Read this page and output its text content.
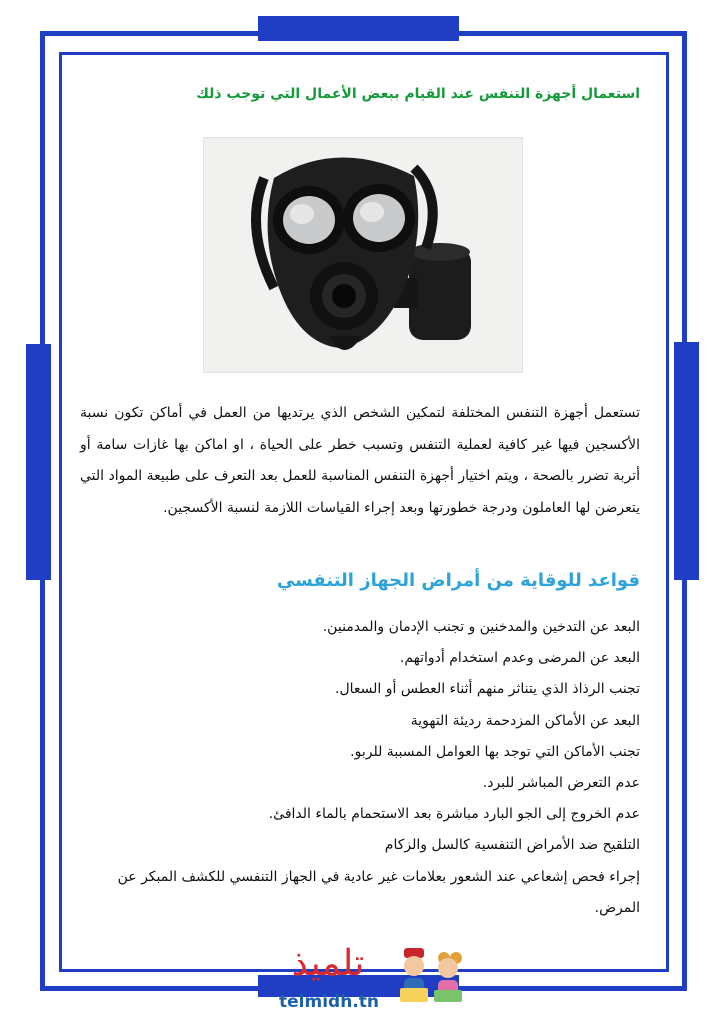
استعمال أجهزة التنفس عند القيام ببعض الأعمال التي توجب ذلك
تستعمل أجهزة التنفس المختلفة لتمكين الشخص الذي يرتديها من العمل في أماكن تكون نسبة الأكسجين فيها غير كافية لعملية التنفس وتسبب خطر على الحياة ، او اماكن بها غازات سامة أو أتربة تضرر بالصحة ، ويتم اختيار أجهزة التنفس المناسبة للعمل بعد التعرف على طبيعة المواد التي يتعرضن لها العاملون ودرجة خطورتها وبعد إجراء القياسات اللازمة لنسبة الأكسجين.
قواعد للوقاية من أمراض الجهاز التنفسي
البعد عن التدخين والمدخنين و تجنب الإدمان والمدمنين.
البعد عن المرضى وعدم استخدام أدواتهم.
تجنب الرذاذ الذي يتناثر منهم أثناء العطس أو السعال.
البعد عن الأماكن المزدحمة رديئة التهوية
تجنب الأماكن التي توجد بها العوامل المسببة للربو.
عدم التعرض المباشر للبرد.
عدم الخروج إلى الجو البارد مباشرة بعد الاستحمام بالماء الدافئ.
التلقيح ضد الأمراض التنفسية كالسل والزكام
إجراء فحص إشعاعي عند الشعور بعلامات غير عادية في الجهاز التنفسي للكشف المبكر عن المرض.
تلميذ
telmidh.tn
